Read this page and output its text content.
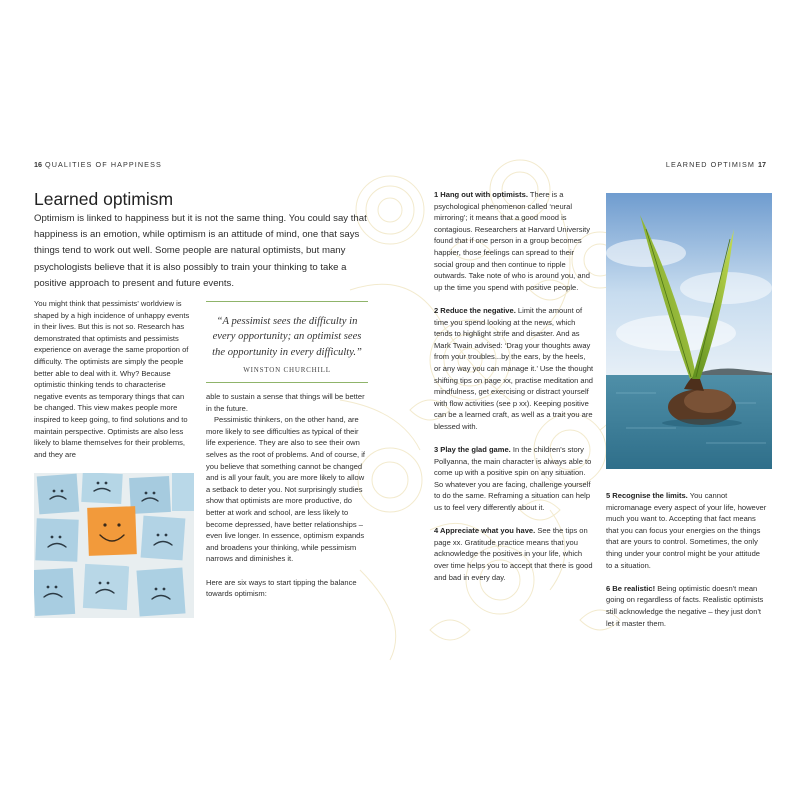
16 QUALITIES OF HAPPINESS	LEARNED OPTIMISM 17
Learned optimism

Optimism is linked to happiness but it is not the same thing. You could say that happiness is an emotion, while optimism is an attitude of mind, one that says things tend to work out well. Some people are natural optimists, but many psychologists believe that it is also possibly to train your thinking to take a positive approach to present and future events.

You might think that pessimists' worldview is shaped by a high incidence of unhappy events in their lives. But this is not so. Research has demonstrated that optimists and pessimists experience on average the same proportion of difficulty. The optimists are simply the people better able to deal with it. Why? Because optimistic thinking tends to characterise negative events as temporary things that can be changed. This view makes people more inspired to keep going, to find solutions and to maintain perspective. Optimists are also less likely to blame themselves for their problems, and they are

“A pessimist sees the difficulty in every opportunity; an optimist sees the opportunity in every difficulty.”

WINSTON CHURCHILL

able to sustain a sense that things will be better in the future.

Pessimistic thinkers, on the other hand, are more likely to see difficulties as typical of their life experience. They are also to see their own selves as the root of problems. And of course, if you believe that something cannot be changed and is all your fault, you are more likely to allow a setback to deter you. Not surprisingly studies show that optimists are more productive, do better at work and school, are less likely to become depressed, have better relationships – even live longer. In essence, optimism expands and broadens your thinking, while pessimism narrows and diminishes it.

Here are six ways to start tipping the balance towards optimism:

1 Hang out with optimists. There is a psychological phenomenon called ‘neural mirroring’; it means that a good mood is contagious. Researchers at Harvard University found that if one person in a group becomes happier, those feelings can spread to their social group and then continue to ripple outwards. Take note of who is around you, and up the time you spend with positive people.

2 Reduce the negative. Limit the amount of time you spend looking at the news, which tends to highlight strife and disaster. And as Mark Twain advised: ‘Drag your thoughts away from your troubles...by the ears, by the heels, or any way you can manage it.’ Use the thought shifting tips on page xx, practise meditation and mindfulness, get exercising or distract yourself with flow activities (see p xx). Keeping positive can be a learned craft, as well as a trait you are blessed with.

3 Play the glad game. In the children's story Pollyanna, the main character is always able to come up with a positive spin on any situation. So whatever you are facing, challenge yourself to do the same. Reframing a situation can help us to feel very differently about it.

4 Appreciate what you have. See the tips on page xx. Gratitude practice means that you acknowledge the positives in your life, which over time helps you to accept that there is good and bad in every day.

5 Recognise the limits. You cannot micromanage every aspect of your life, however much you want to. Accepting that fact means that you can focus your energies on the things that are yours to control. Sometimes, the only thing under your control might be your attitude to a situation.

6 Be realistic! Being optimistic doesn't mean going on regardless of facts. Realistic optimists still acknowledge the negative – they just don't let it master them.
